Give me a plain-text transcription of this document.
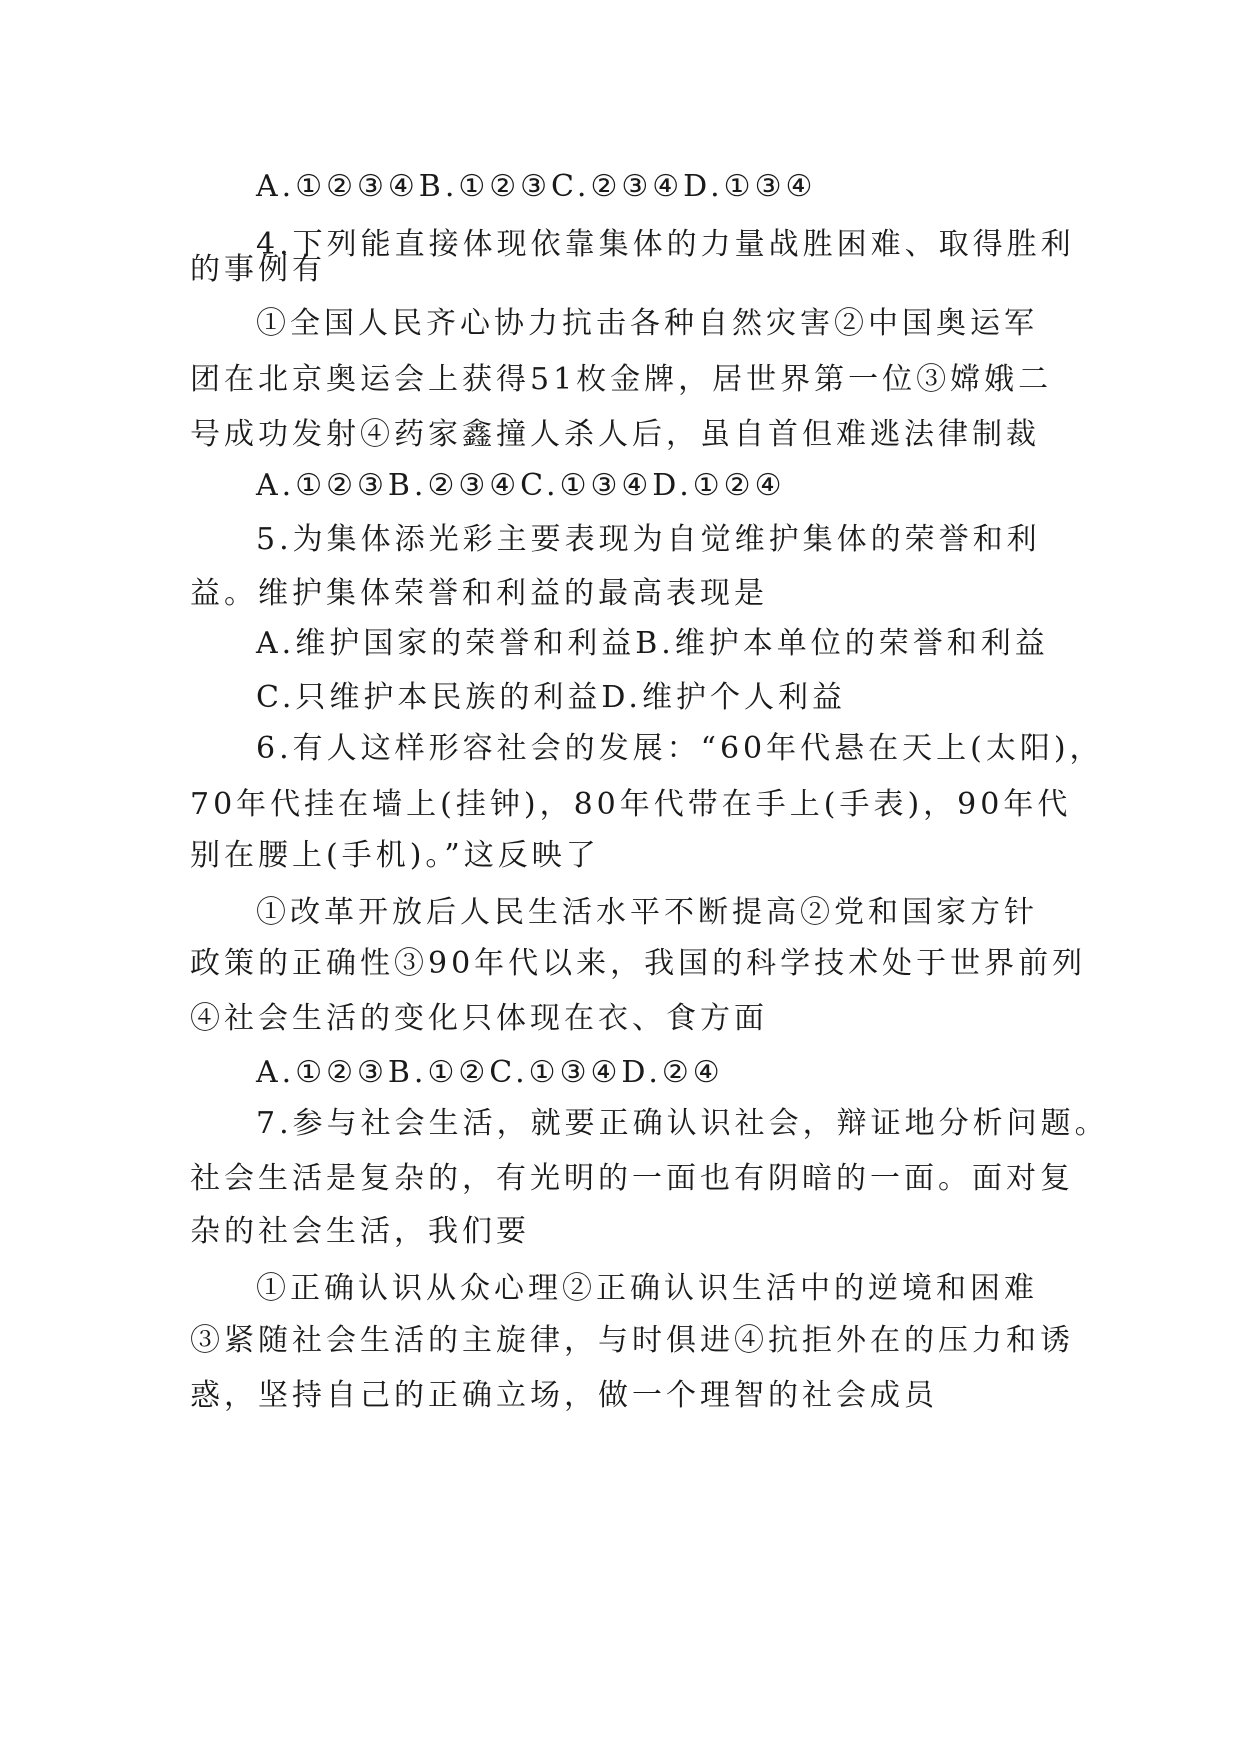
A.①②③④B.①②③C.②③④D.①③④
4.下列能直接体现依靠集体的力量战胜困难、取得胜利
的事例有
①全国人民齐心协力抗击各种自然灾害②中国奥运军
团在北京奥运会上获得51枚金牌，居世界第一位③嫦娥二
号成功发射④药家鑫撞人杀人后，虽自首但难逃法律制裁
A.①②③B.②③④C.①③④D.①②④
5.为集体添光彩主要表现为自觉维护集体的荣誉和利
益。维护集体荣誉和利益的最高表现是
A.维护国家的荣誉和利益B.维护本单位的荣誉和利益
C.只维护本民族的利益D.维护个人利益
6.有人这样形容社会的发展：“60年代悬在天上(太阳)，
70年代挂在墙上(挂钟)，80年代带在手上(手表)，90年代
别在腰上(手机)。”这反映了
①改革开放后人民生活水平不断提高②党和国家方针
政策的正确性③90年代以来，我国的科学技术处于世界前列
④社会生活的变化只体现在衣、食方面
A.①②③B.①②C.①③④D.②④
7.参与社会生活，就要正确认识社会，辩证地分析问题。
社会生活是复杂的，有光明的一面也有阴暗的一面。面对复
杂的社会生活，我们要
①正确认识从众心理②正确认识生活中的逆境和困难
③紧随社会生活的主旋律，与时俱进④抗拒外在的压力和诱
惑，坚持自己的正确立场，做一个理智的社会成员
